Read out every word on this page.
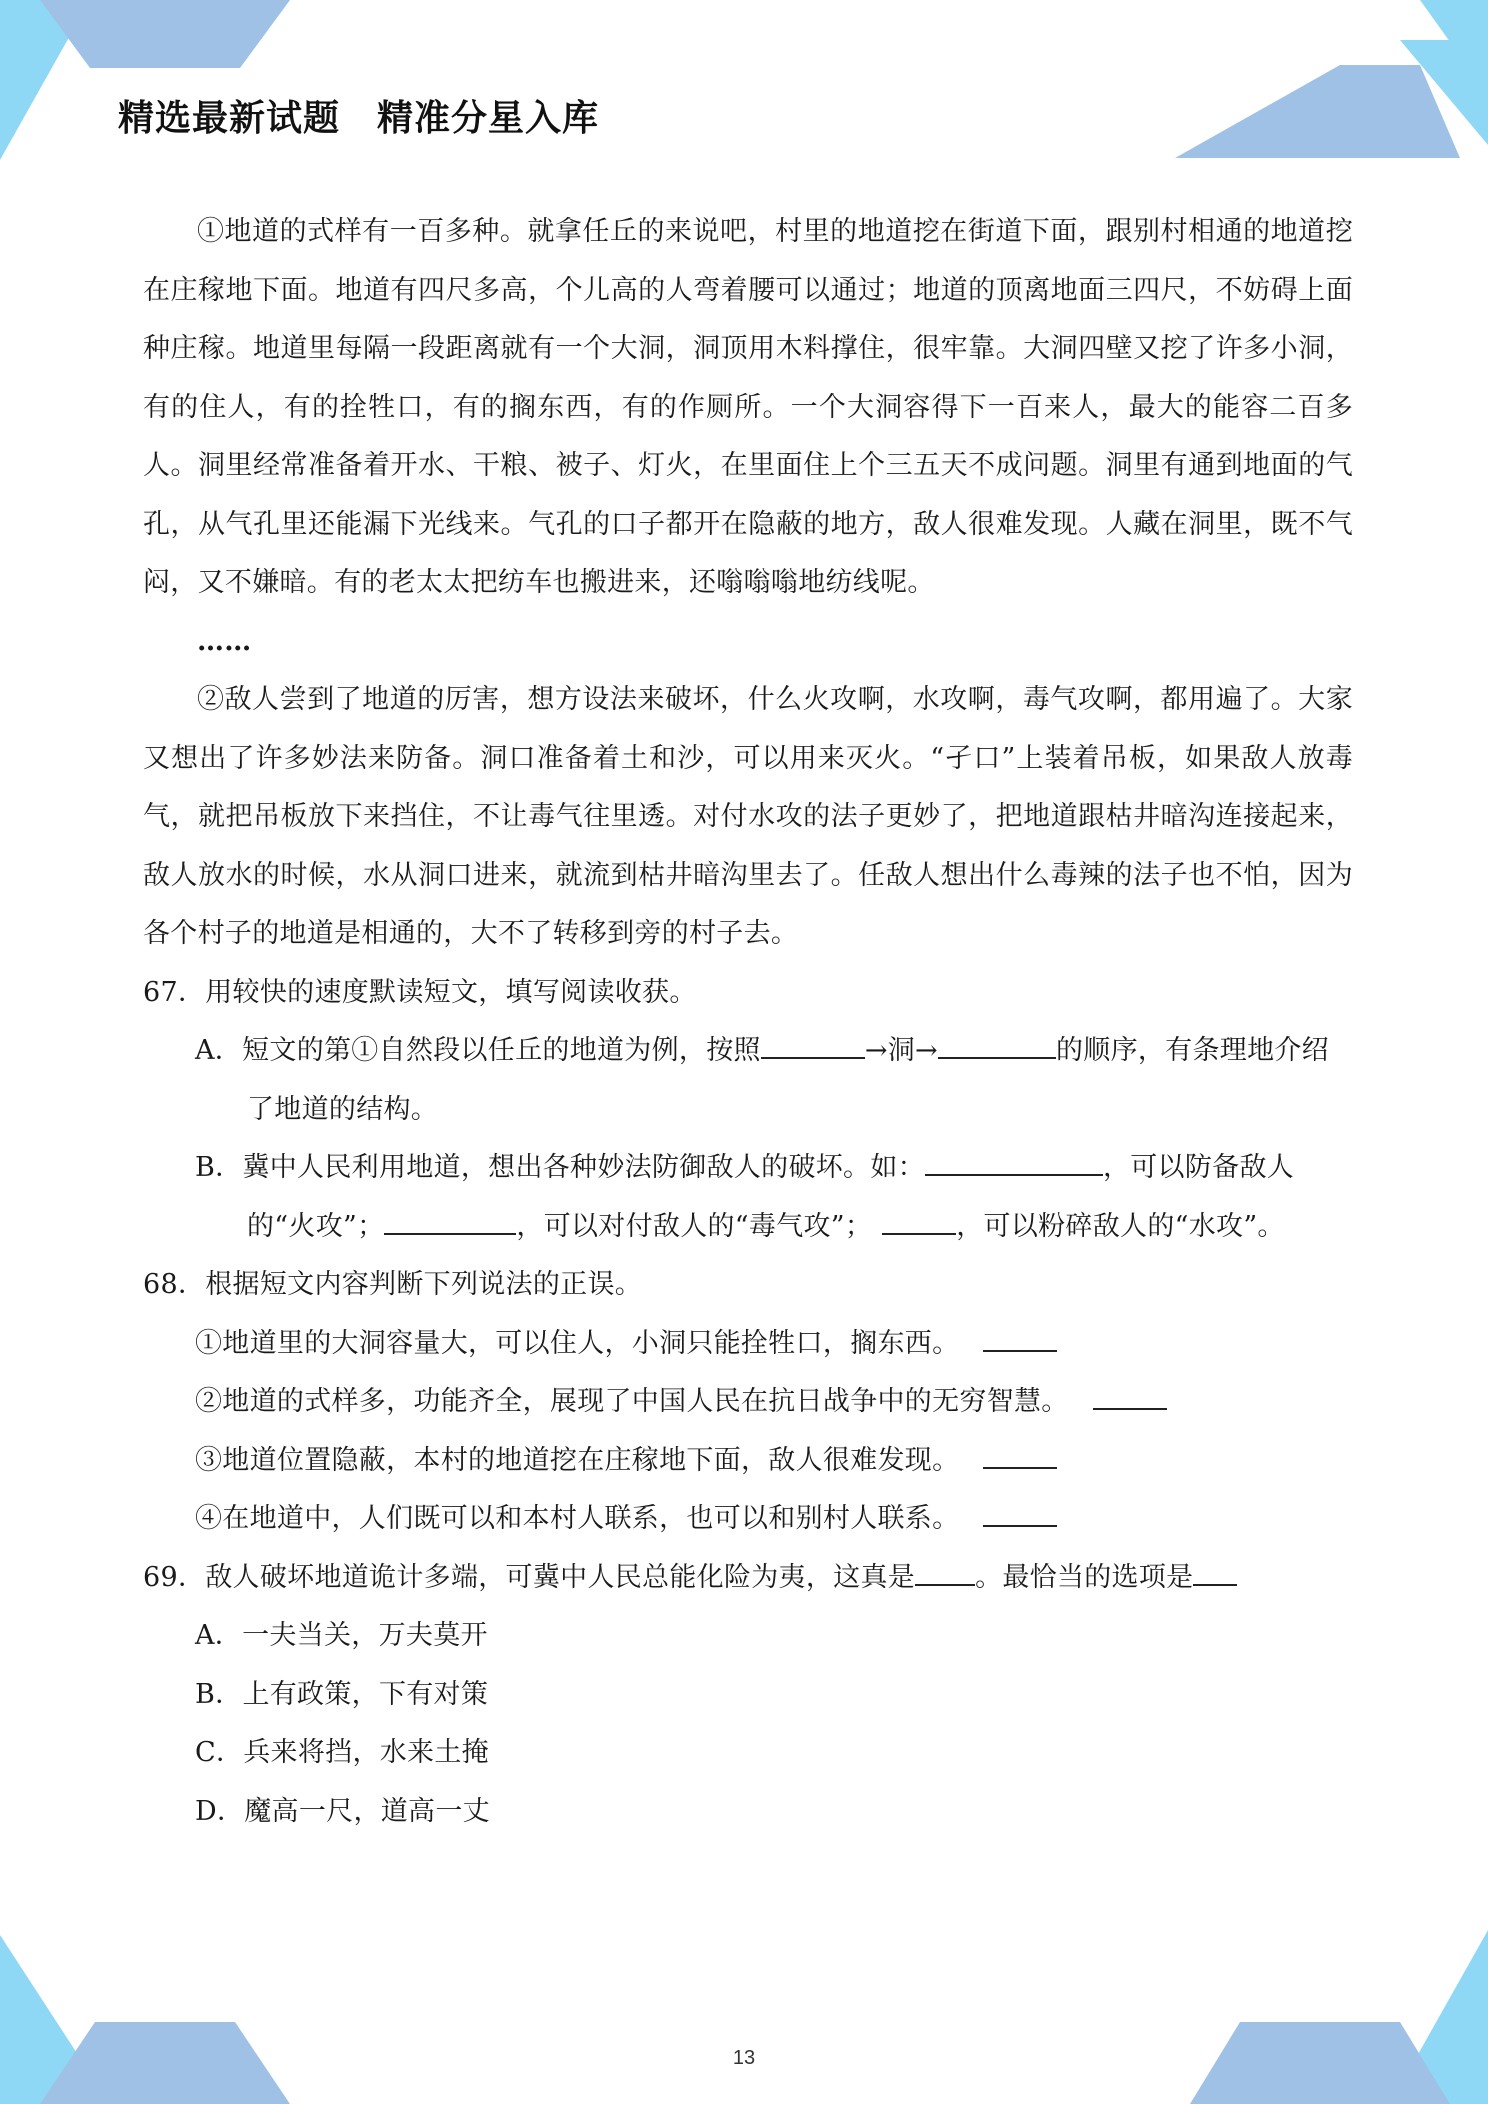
精选最新试题　精准分星入库
①地道的式样有一百多种。就拿任丘的来说吧，村里的地道挖在街道下面，跟别村相通的地道挖在庄稼地下面。地道有四尺多高，个儿高的人弯着腰可以通过；地道的顶离地面三四尺，不妨碍上面种庄稼。地道里每隔一段距离就有一个大洞，洞顶用木料撑住，很牢靠。大洞四壁又挖了许多小洞，有的住人，有的拴牲口，有的搁东西，有的作厕所。一个大洞容得下一百来人，最大的能容二百多人。洞里经常准备着开水、干粮、被子、灯火，在里面住上个三五天不成问题。洞里有通到地面的气孔，从气孔里还能漏下光线来。气孔的口子都开在隐蔽的地方，敌人很难发现。人藏在洞里，既不气闷，又不嫌暗。有的老太太把纺车也搬进来，还嗡嗡嗡地纺线呢。
……
②敌人尝到了地道的厉害，想方设法来破坏，什么火攻啊，水攻啊，毒气攻啊，都用遍了。大家又想出了许多妙法来防备。洞口准备着土和沙，可以用来灭火。“孑口”上装着吊板，如果敌人放毒气，就把吊板放下来挡住，不让毒气往里透。对付水攻的法子更妙了，把地道跟枯井暗沟连接起来，敌人放水的时候，水从洞口进来，就流到枯井暗沟里去了。任敌人想出什么毒辣的法子也不怕，因为各个村子的地道是相通的，大不了转移到旁的村子去。
67．用较快的速度默读短文，填写阅读收获。
A．短文的第①自然段以任丘的地道为例，按照	→洞→	的顺序，有条理地介绍了地道的结构。
B．冀中人民利用地道，想出各种妙法防御敌人的破坏。如：	，可以防备敌人的“火攻”；	，可以对付敌人的“毒气攻”；	，可以粉碎敌人的“水攻”。
68．根据短文内容判断下列说法的正误。
①地道里的大洞容量大，可以住人，小洞只能拴牲口，搁东西。
②地道的式样多，功能齐全，展现了中国人民在抗日战争中的无穷智慧。
③地道位置隐蔽，本村的地道挖在庄稼地下面，敌人很难发现。
④在地道中，人们既可以和本村人联系，也可以和别村人联系。
69．敌人破坏地道诡计多端，可冀中人民总能化险为夷，这真是 。最恰当的选项是
A．一夫当关，万夫莫开
B．上有政策，下有对策
C．兵来将挡，水来土掩
D．魔高一尺，道高一丈
13
